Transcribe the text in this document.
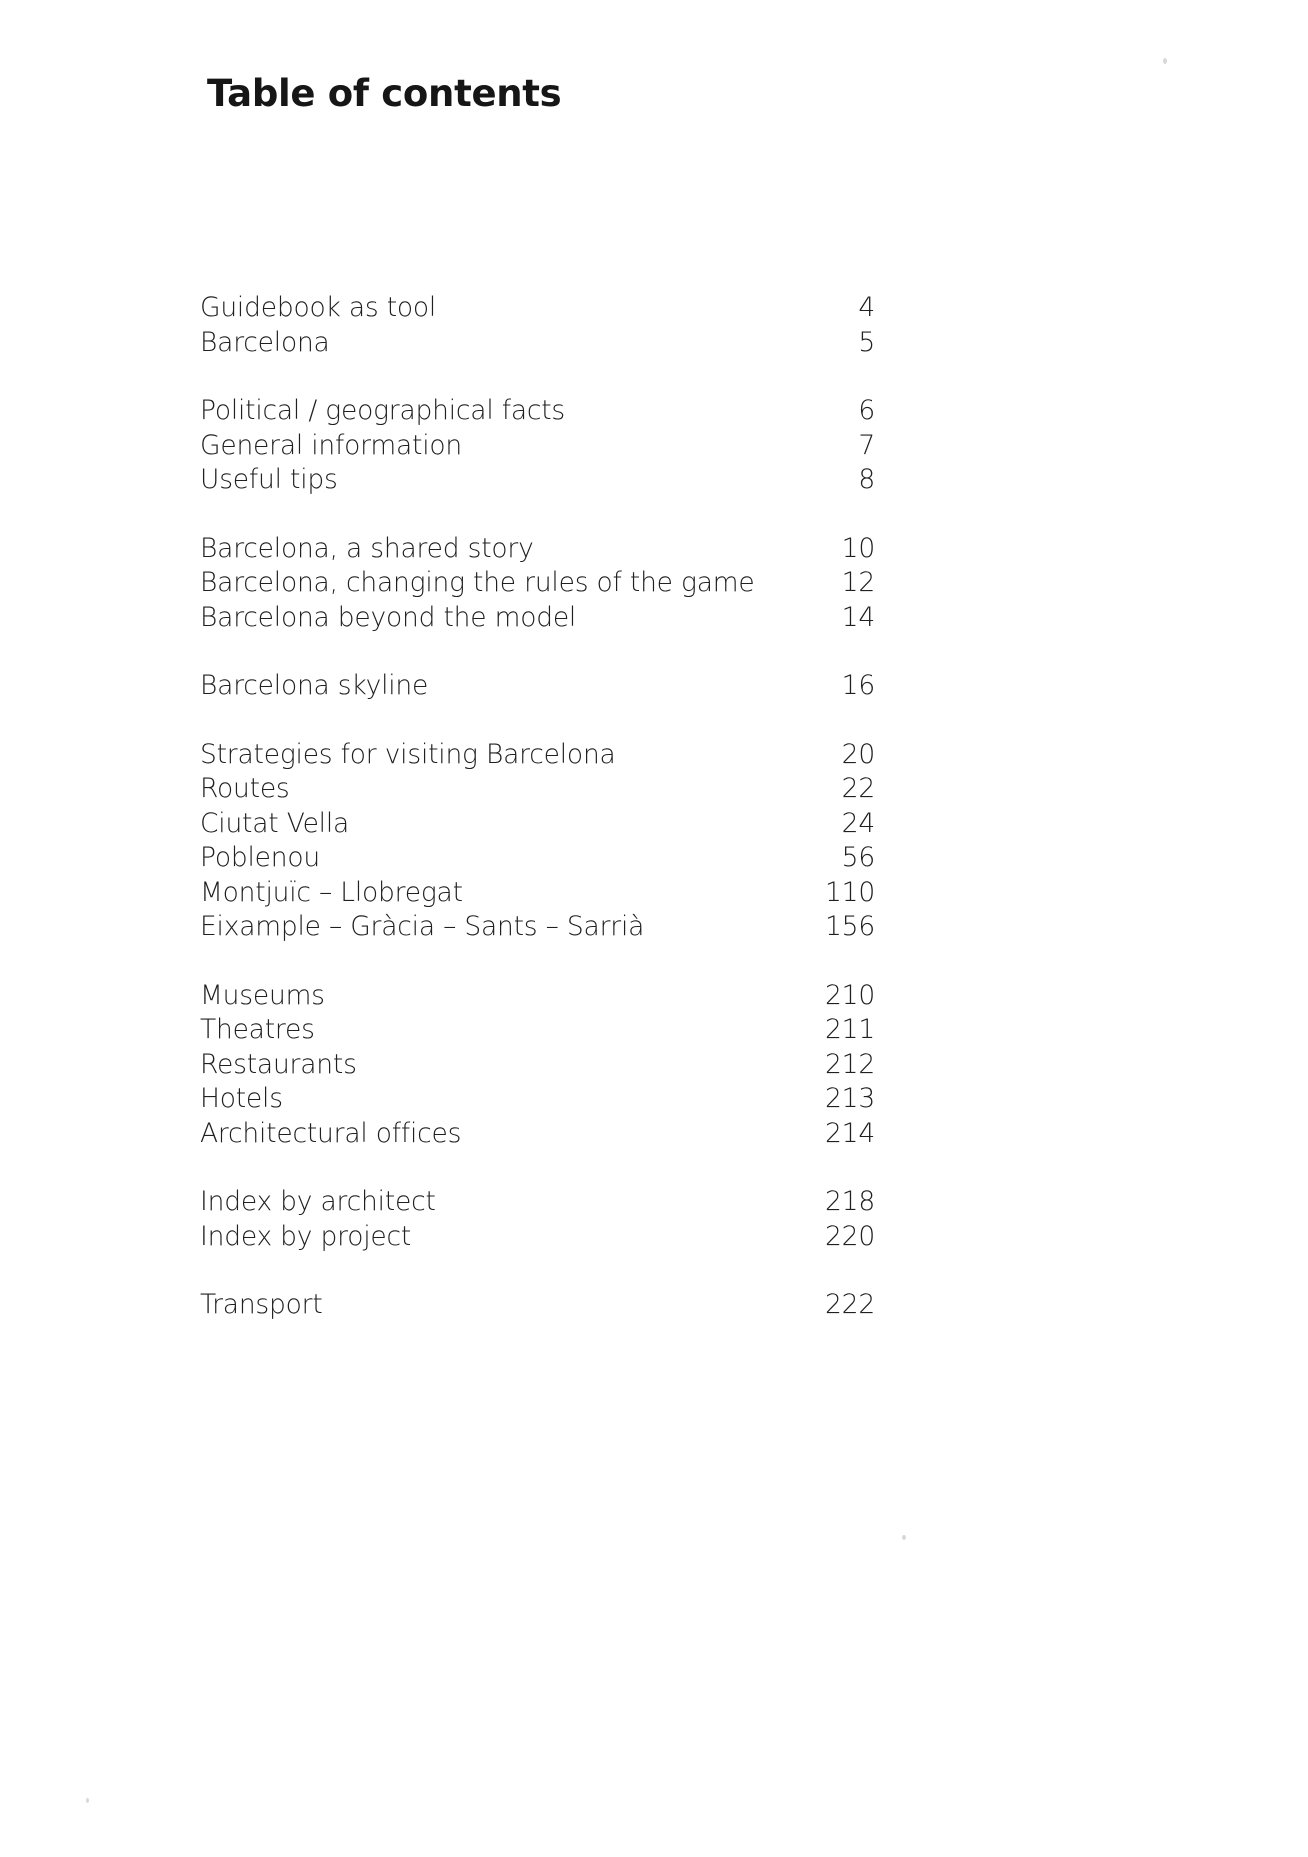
Table of contents
Guidebook as tool	4
Barcelona	5
Political / geographical facts	6
General information	7
Useful tips	8
Barcelona, a shared story	10
Barcelona, changing the rules of the game	12
Barcelona beyond the model	14
Barcelona skyline	16
Strategies for visiting Barcelona	20
Routes	22
Ciutat Vella	24
Poblenou	56
Montjuïc – Llobregat	110
Eixample – Gràcia – Sants – Sarrià	156
Museums	210
Theatres	211
Restaurants	212
Hotels	213
Architectural offices	214
Index by architect	218
Index by project	220
Transport	222
